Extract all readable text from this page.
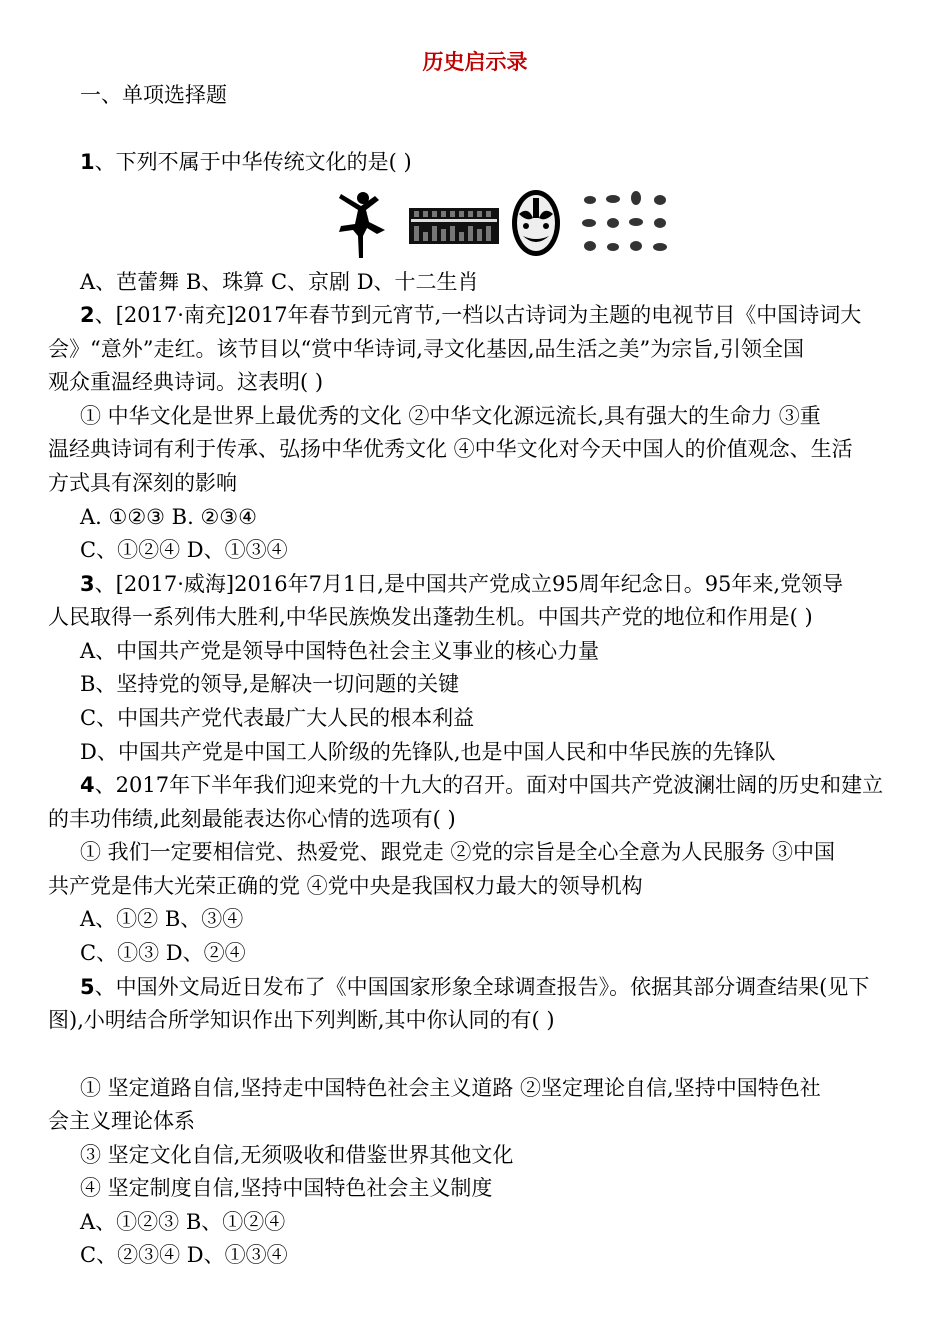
历史启示录
一、单项选择题
1、下列不属于中华传统文化的是( )
A、芭蕾舞 B、珠算 C、京剧 D、十二生肖
2、[2017·南充]2017年春节到元宵节,一档以古诗词为主题的电视节目《中国诗词大
会》“意外”走红。该节目以“赏中华诗词,寻文化基因,品生活之美”为宗旨,引领全国
观众重温经典诗词。这表明( )
① 中华文化是世界上最优秀的文化 ②中华文化源远流长,具有强大的生命力 ③重
温经典诗词有利于传承、弘扬中华优秀文化 ④中华文化对今天中国人的价值观念、生活
方式具有深刻的影响
A. ①②③ B. ②③④
C、①②④ D、①③④
3、[2017·威海]2016年7月1日,是中国共产党成立95周年纪念日。95年来,党领导
人民取得一系列伟大胜利,中华民族焕发出蓬勃生机。中国共产党的地位和作用是( )
A、中国共产党是领导中国特色社会主义事业的核心力量
B、坚持党的领导,是解决一切问题的关键
C、中国共产党代表最广大人民的根本利益
D、中国共产党是中国工人阶级的先锋队,也是中国人民和中华民族的先锋队
4、2017年下半年我们迎来党的十九大的召开。面对中国共产党波澜壮阔的历史和建立
的丰功伟绩,此刻最能表达你心情的选项有( )
① 我们一定要相信党、热爱党、跟党走 ②党的宗旨是全心全意为人民服务 ③中国
共产党是伟大光荣正确的党 ④党中央是我国权力最大的领导机构
A、①② B、③④
C、①③ D、②④
5、中国外文局近日发布了《中国国家形象全球调查报告》。依据其部分调查结果(见下
图),小明结合所学知识作出下列判断,其中你认同的有( )
① 坚定道路自信,坚持走中国特色社会主义道路 ②坚定理论自信,坚持中国特色社
会主义理论体系
③ 坚定文化自信,无须吸收和借鉴世界其他文化
④ 坚定制度自信,坚持中国特色社会主义制度
A、①②③ B、①②④
C、②③④ D、①③④
